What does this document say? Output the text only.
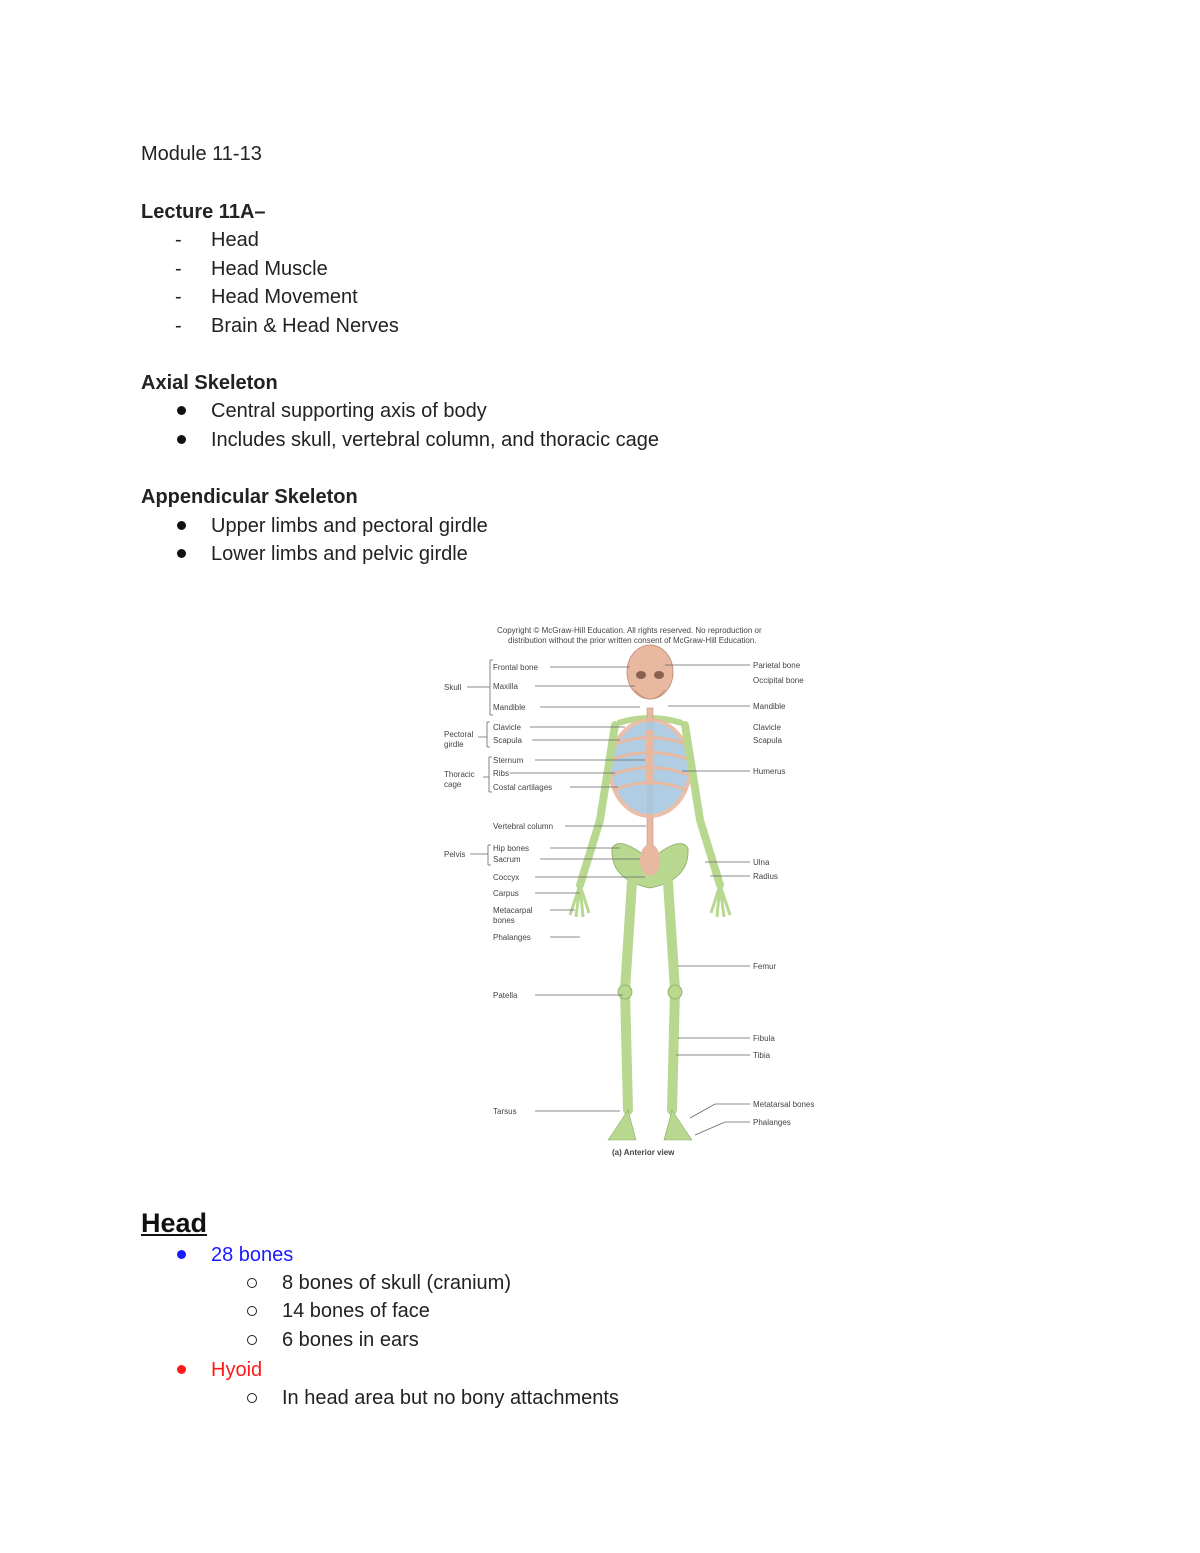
Module 11-13
Lecture 11A–
- Head
- Head Muscle
- Head Movement
- Brain & Head Nerves
Axial Skeleton
Central supporting axis of body
Includes skull, vertebral column, and thoracic cage
Appendicular Skeleton
Upper limbs and pectoral girdle
Lower limbs and pelvic girdle
Copyright © McGraw-Hill Education. All rights reserved. No reproduction or
distribution without the prior written consent of McGraw-Hill Education.
Skull
Pectoral
girdle
Thoracic
cage
Pelvis
Frontal bone
Maxilla
Mandible
Clavicle
Scapula
Sternum
Ribs
Costal cartilages
Vertebral column
Hip bones
Sacrum
Coccyx
Carpus
Metacarpal
bones
Phalanges
Patella
Tarsus
Parietal bone
Occipital bone
Mandible
Clavicle
Scapula
Humerus
Ulna
Radius
Femur
Fibula
Tibia
Metatarsal bones
Phalanges
(a) Anterior view
Head
28 bones
8 bones of skull (cranium)
14 bones of face
6 bones in ears
Hyoid
In head area but no bony attachments
